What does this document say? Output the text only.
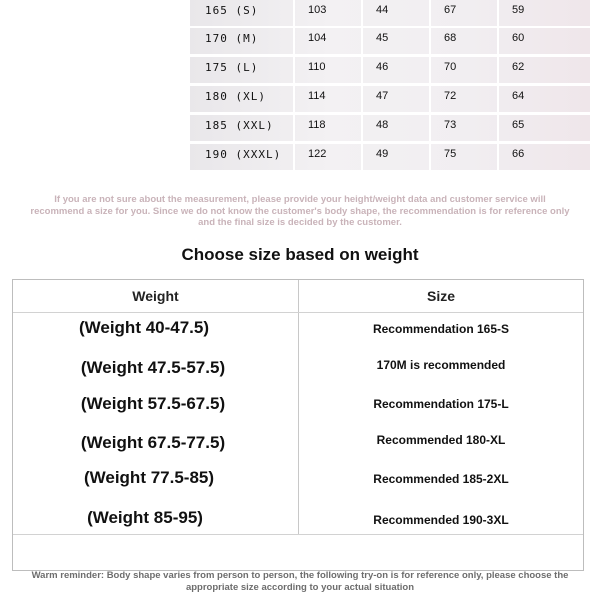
165 (S)	103	44	67	59
170 (M)	104	45	68	60
175 (L)	110	46	70	62
180 (XL)	114	47	72	64
185 (XXL)	118	48	73	65
190 (XXXL) 122	49	75	66
If you are not sure about the measurement, please provide your height/weight data and customer service will recommend a size for you. Since we do not know the customer's body shape, the recommendation is for reference only and the final size is decided by the customer.
Choose size based on weight
Weight	Size
(Weight 40-47.5)	Recommendation 165-S
(Weight 47.5-57.5)	170M is recommended
(Weight 57.5-67.5)	Recommendation 175-L
(Weight 67.5-77.5)	Recommended 180-XL
(Weight 77.5-85)	Recommended 185-2XL
(Weight 85-95)	Recommended 190-3XL
Warm reminder: Body shape varies from person to person, the following try-on is for reference only, please choose the appropriate size according to your actual situation
